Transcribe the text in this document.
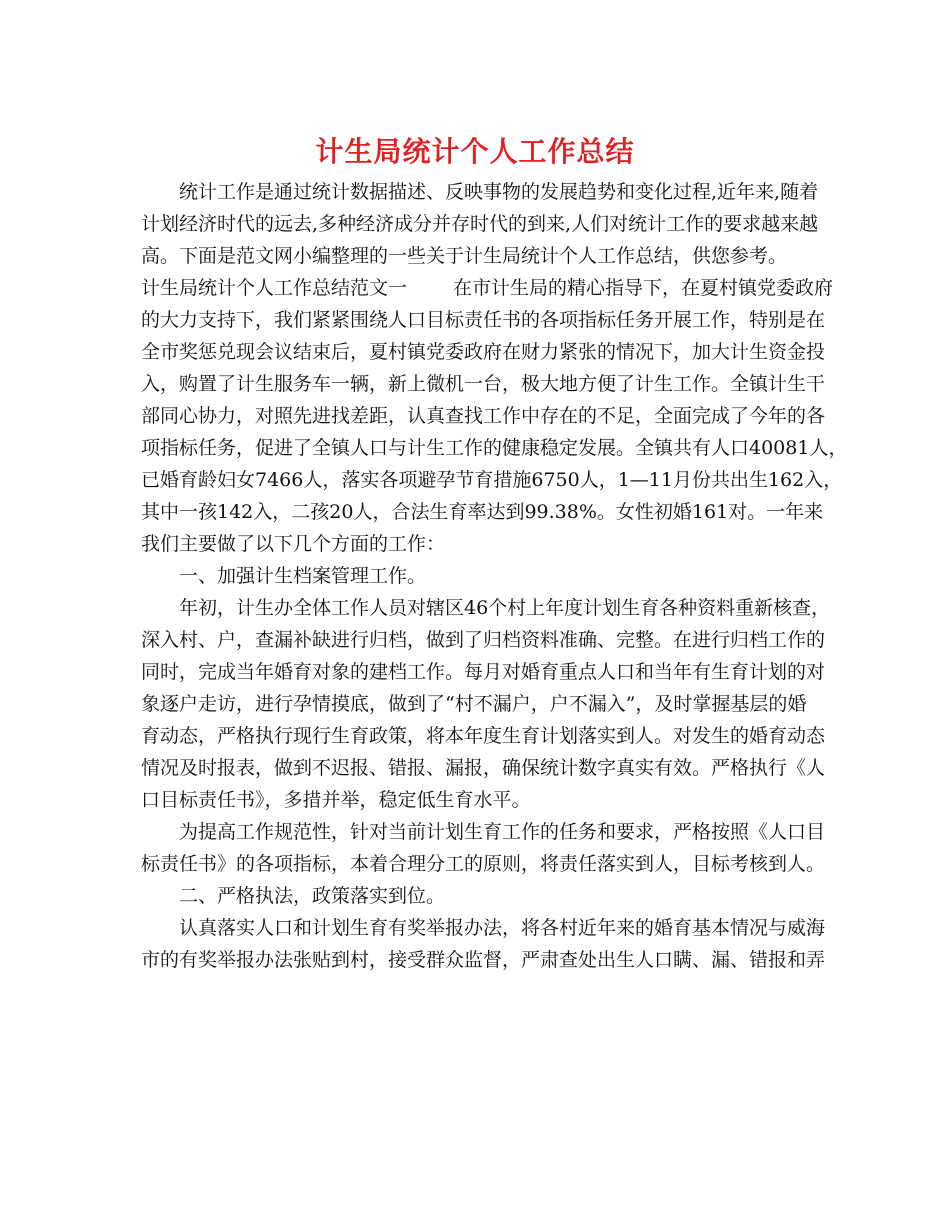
计生局统计个人工作总结
统计工作是通过统计数据描述、反映事物的发展趋势和变化过程,近年来,随着
计划经济时代的远去,多种经济成分并存时代的到来,人们对统计工作的要求越来越
高。下面是范文网小编整理的一些关于计生局统计个人工作总结，供您参考。
计生局统计个人工作总结范文一 在市计生局的精心指导下，在夏村镇党委政府
的大力支持下，我们紧紧围绕人口目标责任书的各项指标任务开展工作，特别是在
全市奖惩兑现会议结束后，夏村镇党委政府在财力紧张的情况下，加大计生资金投
入，购置了计生服务车一辆，新上微机一台，极大地方便了计生工作。全镇计生干
部同心协力，对照先进找差距，认真查找工作中存在的不足，全面完成了今年的各
项指标任务，促进了全镇人口与计生工作的健康稳定发展。全镇共有人口40081人，
已婚育龄妇女7466人，落实各项避孕节育措施6750人，1—11月份共出生162入，
其中一孩142入，二孩20人，合法生育率达到99.38%。女性初婚161对。一年来
我们主要做了以下几个方面的工作：
一、加强计生档案管理工作。
年初，计生办全体工作人员对辖区46个村上年度计划生育各种资料重新核查，
深入村、户，查漏补缺进行归档，做到了归档资料准确、完整。在进行归档工作的
同时，完成当年婚育对象的建档工作。每月对婚育重点人口和当年有生育计划的对
象逐户走访，进行孕情摸底，做到了“村不漏户，户不漏入”，及时掌握基层的婚
育动态，严格执行现行生育政策，将本年度生育计划落实到人。对发生的婚育动态
情况及时报表，做到不迟报、错报、漏报，确保统计数字真实有效。严格执行《人
口目标责任书》，多措并举，稳定低生育水平。
为提高工作规范性，针对当前计划生育工作的任务和要求，严格按照《人口目
标责任书》的各项指标，本着合理分工的原则，将责任落实到人，目标考核到人。
二、严格执法，政策落实到位。
认真落实人口和计划生育有奖举报办法，将各村近年来的婚育基本情况与威海
市的有奖举报办法张贴到村，接受群众监督，严肃查处出生人口瞒、漏、错报和弄
